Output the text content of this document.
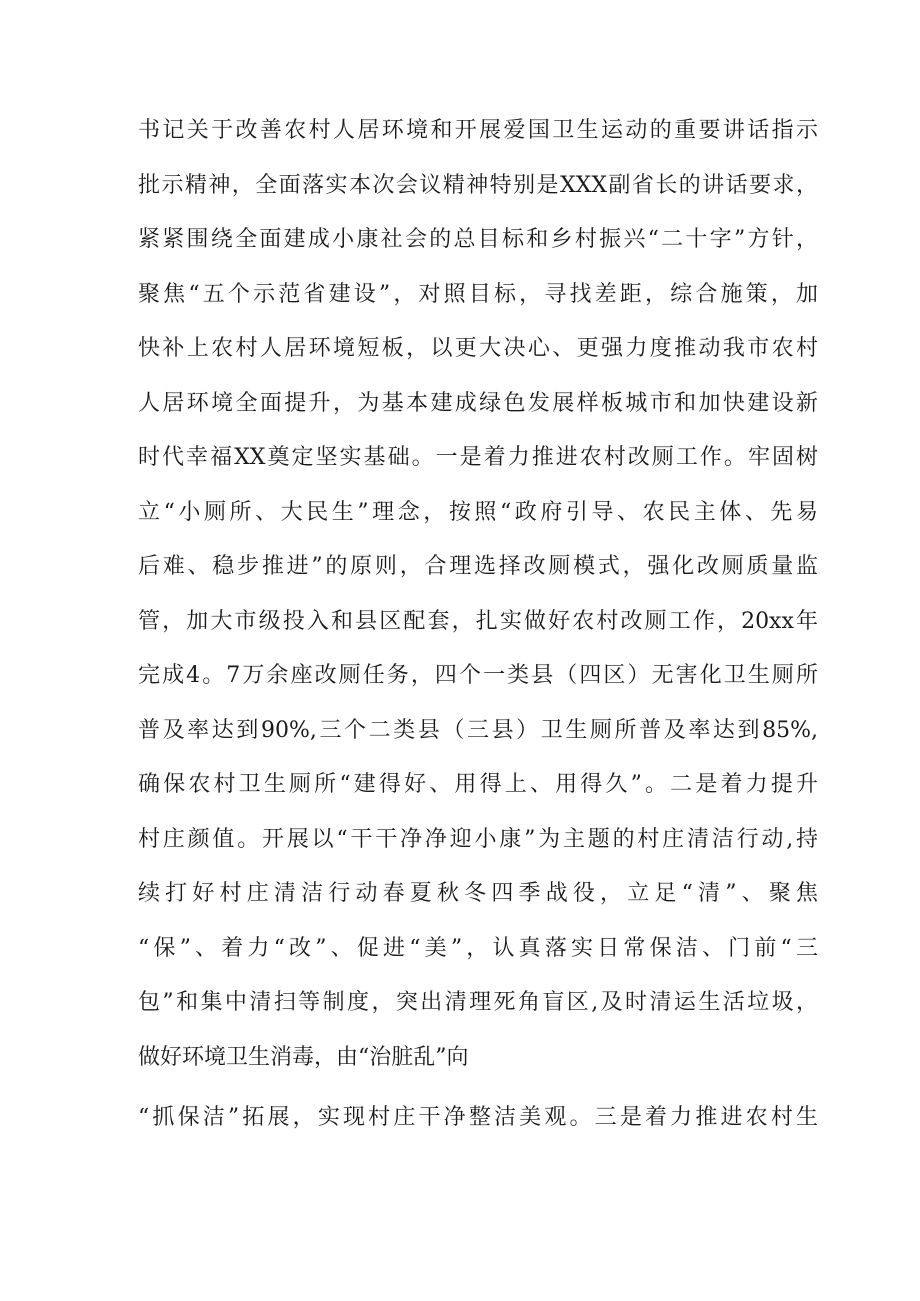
书记关于改善农村人居环境和开展爱国卫生运动的重要讲话指示
批示精神，全面落实本次会议精神特别是XXX副省长的讲话要求，
紧紧围绕全面建成小康社会的总目标和乡村振兴“二十字”方针，
聚焦“五个示范省建设”，对照目标，寻找差距，综合施策，加
快补上农村人居环境短板，以更大决心、更强力度推动我市农村
人居环境全面提升，为基本建成绿色发展样板城市和加快建设新
时代幸福XX奠定坚实基础。一是着力推进农村改厕工作。牢固树
立“小厕所、大民生”理念，按照“政府引导、农民主体、先易
后难、稳步推进”的原则，合理选择改厕模式，强化改厕质量监
管，加大市级投入和县区配套，扎实做好农村改厕工作，20xx年
完成4。7万余座改厕任务，四个一类县（四区）无害化卫生厕所
普及率达到90%,三个二类县（三县）卫生厕所普及率达到85%,
确保农村卫生厕所“建得好、用得上、用得久”。二是着力提升
村庄颜值。开展以“干干净净迎小康”为主题的村庄清洁行动,持
续打好村庄清洁行动春夏秋冬四季战役，立足“清”、聚焦
“保”、着力“改”、促进“美”，认真落实日常保洁、门前“三
包”和集中清扫等制度，突出清理死角盲区,及时清运生活垃圾，
做好环境卫生消毒，由“治脏乱”向
“抓保洁”拓展，实现村庄干净整洁美观。三是着力推进农村生
